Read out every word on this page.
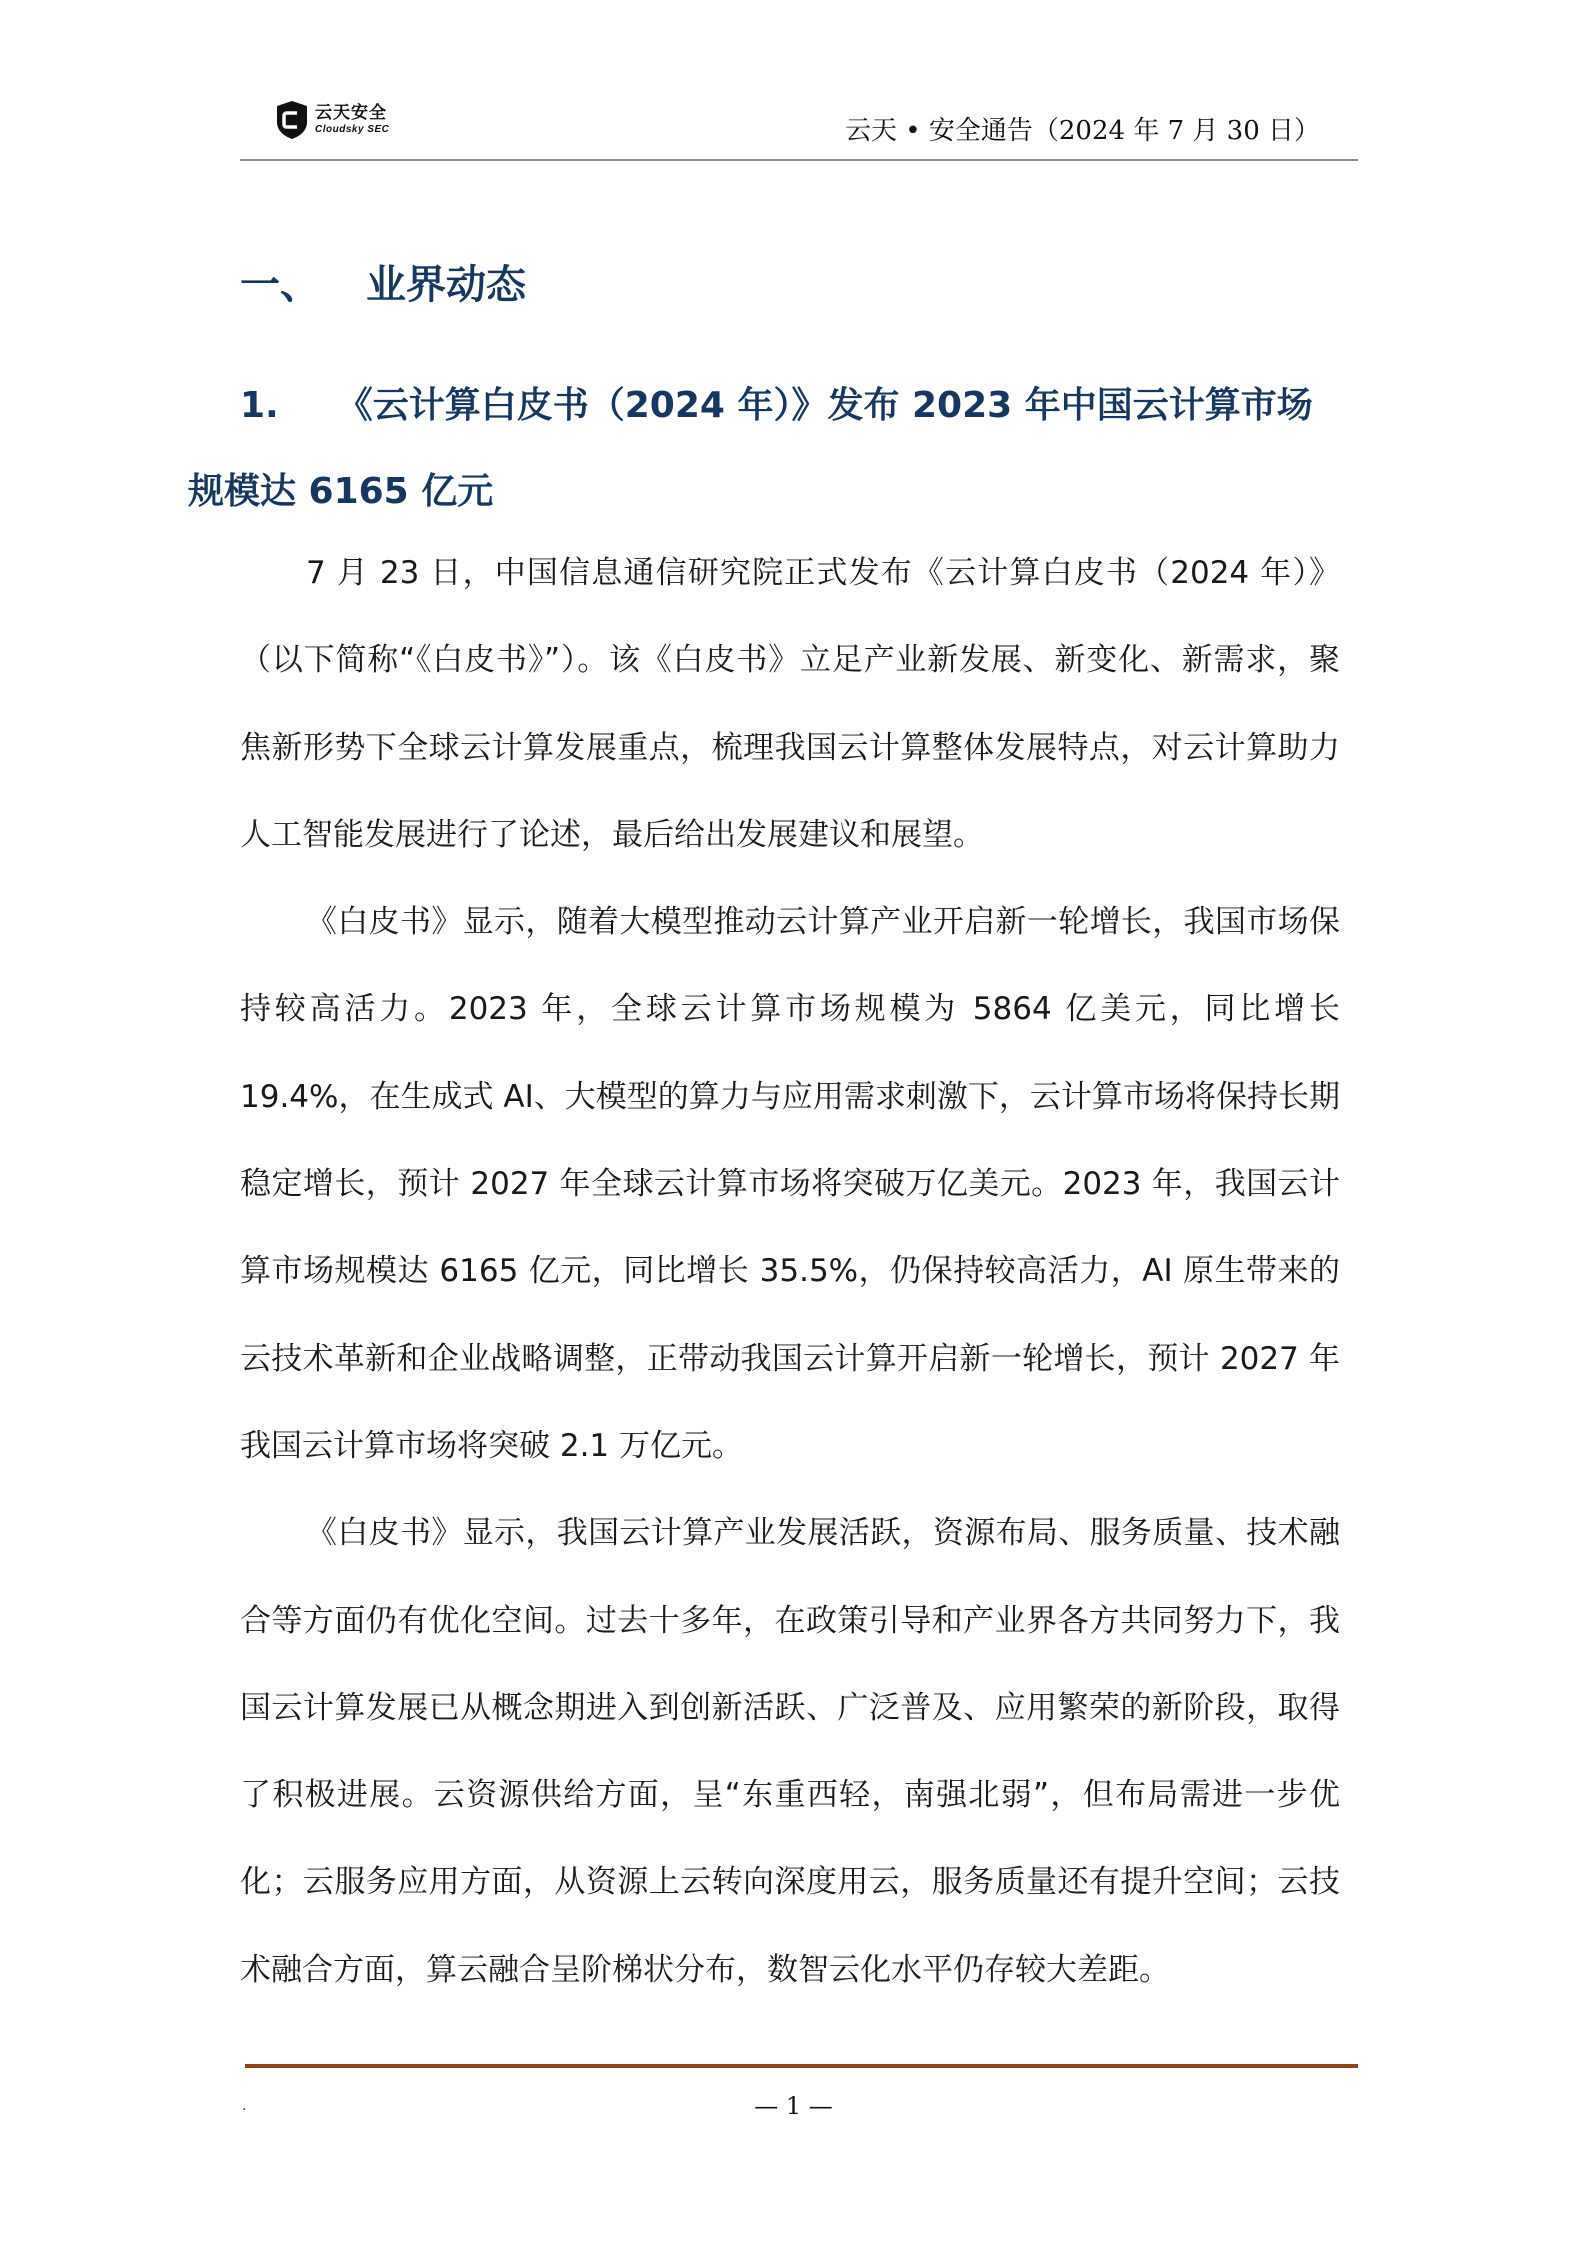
云天安全
Cloudsky SEC	云天 • 安全通告（2024 年 7 月 30 日）
一、 业界动态
1. 《云计算白皮书（2024 年）》发布 2023 年中国云计算市场
规模达 6165 亿元

7 月 23 日，中国信息通信研究院正式发布《云计算白皮书（2024 年）》（以下简称“《白皮书》”）。该《白皮书》立足产业新发展、新变化、新需求，聚焦新形势下全球云计算发展重点，梳理我国云计算整体发展特点，对云计算助力人工智能发展进行了论述，最后给出发展建议和展望。

《白皮书》显示，随着大模型推动云计算产业开启新一轮增长，我国市场保持较高活力。2023 年，全球云计算市场规模为 5864 亿美元，同比增长 19.4%，在生成式 AI、大模型的算力与应用需求刺激下，云计算市场将保持长期稳定增长，预计 2027 年全球云计算市场将突破万亿美元。2023 年，我国云计算市场规模达 6165 亿元，同比增长 35.5%，仍保持较高活力，AI 原生带来的云技术革新和企业战略调整，正带动我国云计算开启新一轮增长，预计 2027 年我国云计算市场将突破 2.1 万亿元。

《白皮书》显示，我国云计算产业发展活跃，资源布局、服务质量、技术融合等方面仍有优化空间。过去十多年，在政策引导和产业界各方共同努力下，我国云计算发展已从概念期进入到创新活跃、广泛普及、应用繁荣的新阶段，取得了积极进展。云资源供给方面，呈“东重西轻，南强北弱”，但布局需进一步优化；云服务应用方面，从资源上云转向深度用云，服务质量还有提升空间；云技术融合方面，算云融合呈阶梯状分布，数智云化水平仍存较大差距。

.	— 1 —
